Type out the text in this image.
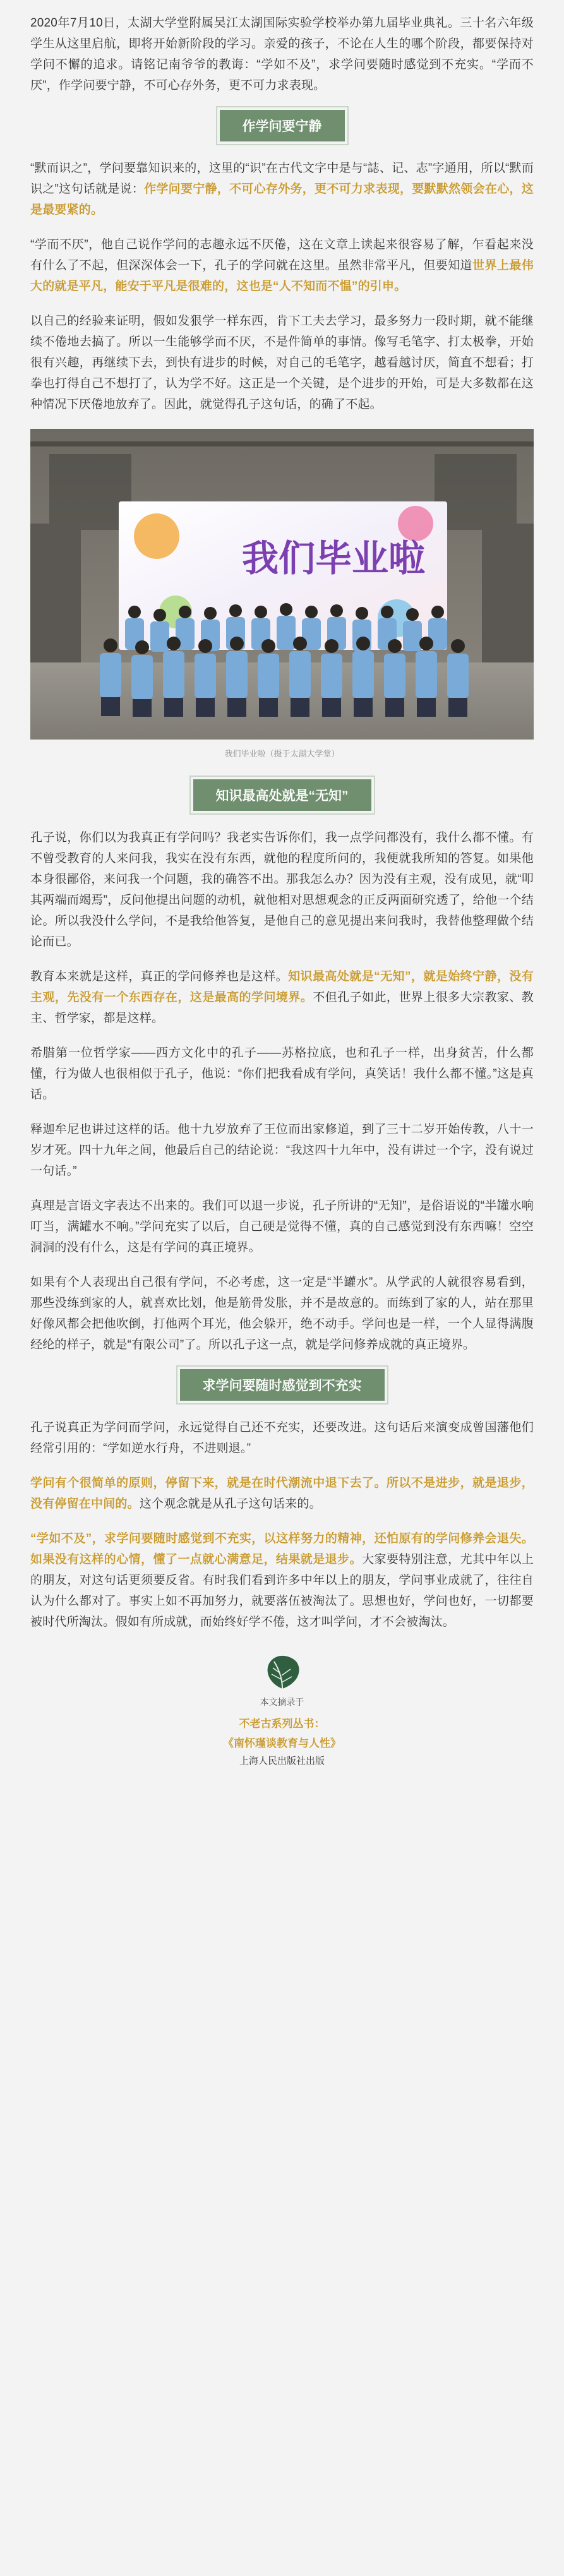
2020年7月10日，太湖大学堂附属吴江太湖国际实验学校举办第九届毕业典礼。三十名六年级学生从这里启航，即将开始新阶段的学习。亲爱的孩子，不论在人生的哪个阶段，都要保持对学问不懈的追求。请铭记南爷爷的教诲：“学如不及”，求学问要随时感觉到不充实。“学而不厌”，作学问要宁静，不可心存外务，更不可力求表现。

作学问要宁静

“默而识之”，学问要靠知识来的，这里的“识”在古代文字中是与“誌、记、志”字通用，所以“默而识之”这句话就是说：作学问要宁静，不可心存外务，更不可力求表现，要默默然领会在心，这是最要紧的。

“学而不厌”，他自己说作学问的志趣永远不厌倦，这在文章上读起来很容易了解，乍看起来没有什么了不起，但深深体会一下，孔子的学问就在这里。虽然非常平凡，但要知道世界上最伟大的就是平凡，能安于平凡是很难的，这也是“人不知而不愠”的引申。

以自己的经验来证明，假如发狠学一样东西，肯下工夫去学习，最多努力一段时期，就不能继续不倦地去搞了。所以一生能够学而不厌，不是件简单的事情。像写毛笔字、打太极拳，开始很有兴趣，再继续下去，到快有进步的时候，对自己的毛笔字，越看越讨厌，简直不想看；打拳也打得自己不想打了，认为学不好。这正是一个关键，是个进步的开始，可是大多数都在这种情况下厌倦地放弃了。因此，就觉得孔子这句话，的确了不起。

我们毕业啦
我们毕业啦（摄于太湖大学堂）
知识最高处就是“无知”

孔子说，你们以为我真正有学问吗？我老实告诉你们，我一点学问都没有，我什么都不懂。有不曾受教育的人来问我，我实在没有东西，就他的程度所问的，我便就我所知的答复。如果他本身很鄙俗，来问我一个问题，我的确答不出。那我怎么办？因为没有主观，没有成见，就“叩其两端而竭焉”，反问他提出问题的动机，就他相对思想观念的正反两面研究透了，给他一个结论。所以我没什么学问，不是我给他答复，是他自己的意见提出来问我时，我替他整理做个结论而已。

教育本来就是这样，真正的学问修养也是这样。知识最高处就是“无知”，就是始终宁静，没有主观，先没有一个东西存在，这是最高的学问境界。不但孔子如此，世界上很多大宗教家、教主、哲学家，都是这样。

希腊第一位哲学家——西方文化中的孔子——苏格拉底，也和孔子一样，出身贫苦，什么都懂，行为做人也很相似于孔子，他说：“你们把我看成有学问，真笑话！我什么都不懂。”这是真话。

释迦牟尼也讲过这样的话。他十九岁放弃了王位而出家修道，到了三十二岁开始传教，八十一岁才死。四十九年之间，他最后自己的结论说：“我这四十九年中，没有讲过一个字，没有说过一句话。”

真理是言语文字表达不出来的。我们可以退一步说，孔子所讲的“无知”，是俗语说的“半罐水响叮当，满罐水不响。”学问充实了以后，自己硬是觉得不懂，真的自己感觉到没有东西嘛！空空洞洞的没有什么，这是有学问的真正境界。

如果有个人表现出自己很有学问，不必考虑，这一定是“半罐水”。从学武的人就很容易看到，那些没练到家的人，就喜欢比划，他是筋骨发胀，并不是故意的。而练到了家的人，站在那里好像风都会把他吹倒，打他两个耳光，他会躲开，绝不动手。学问也是一样，一个人显得满腹经纶的样子，就是“有限公司”了。所以孔子这一点，就是学问修养成就的真正境界。

求学问要随时感觉到不充实

孔子说真正为学问而学问，永远觉得自己还不充实，还要改进。这句话后来演变成曾国藩他们经常引用的：“学如逆水行舟，不进则退。”

学问有个很简单的原则，停留下来，就是在时代潮流中退下去了。所以不是进步，就是退步，没有停留在中间的。这个观念就是从孔子这句话来的。

“学如不及”，求学问要随时感觉到不充实，以这样努力的精神，还怕原有的学问修养会退失。如果没有这样的心情，懂了一点就心满意足，结果就是退步。大家要特别注意，尤其中年以上的朋友，对这句话更须要反省。有时我们看到许多中年以上的朋友，学问事业成就了，往往自认为什么都对了。事实上如不再加努力，就要落伍被淘汰了。思想也好，学问也好，一切都要被时代所淘汰。假如有所成就，而始终好学不倦，这才叫学问，才不会被淘汰。

本文摘录于
不老古系列丛书：
《南怀瑾谈教育与人性》
上海人民出版社出版
